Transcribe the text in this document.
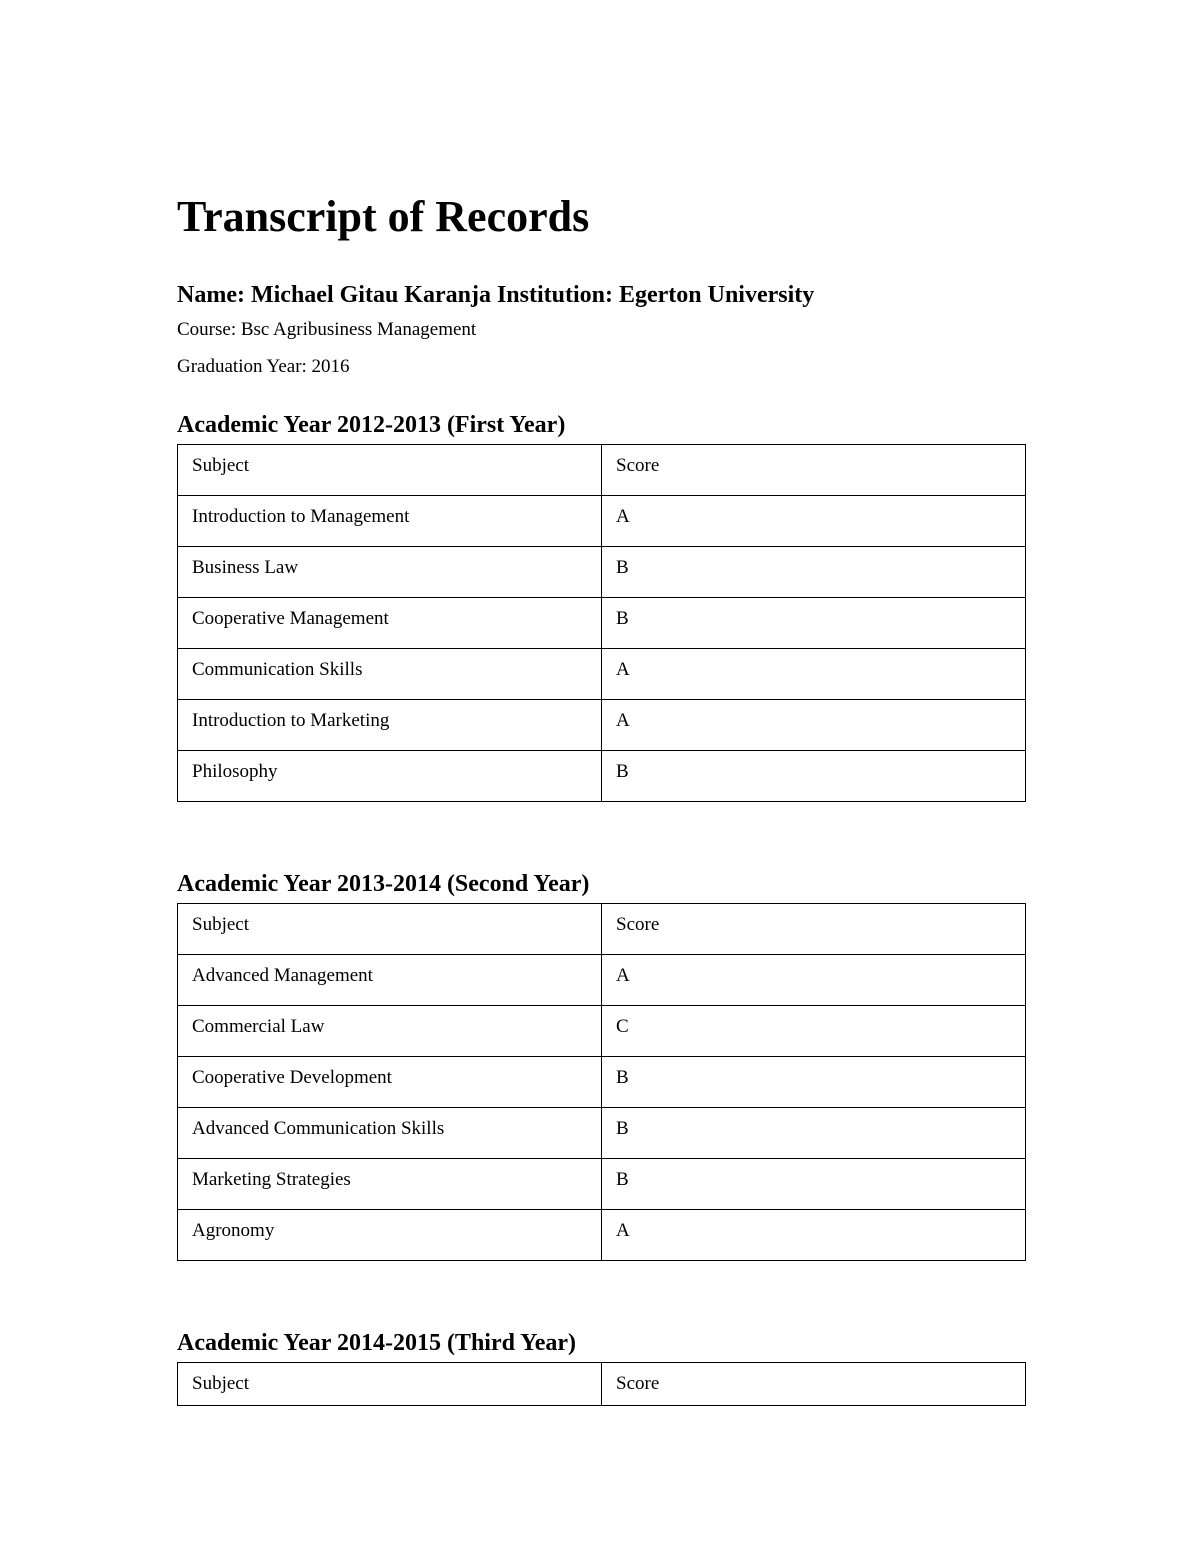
Transcript of Records

Name: Michael Gitau Karanja Institution: Egerton University

Course: Bsc Agribusiness Management

Graduation Year: 2016

Academic Year 2012-2013 (First Year)
Subject	Score
Introduction to Management	A
Business Law	B
Cooperative Management	B
Communication Skills	A
Introduction to Marketing	A
Philosophy	B
Academic Year 2013-2014 (Second Year)
Subject	Score
Advanced Management	A
Commercial Law	C
Cooperative Development	B
Advanced Communication Skills	B
Marketing Strategies	B
Agronomy	A
Academic Year 2014-2015 (Third Year)
Subject	Score
